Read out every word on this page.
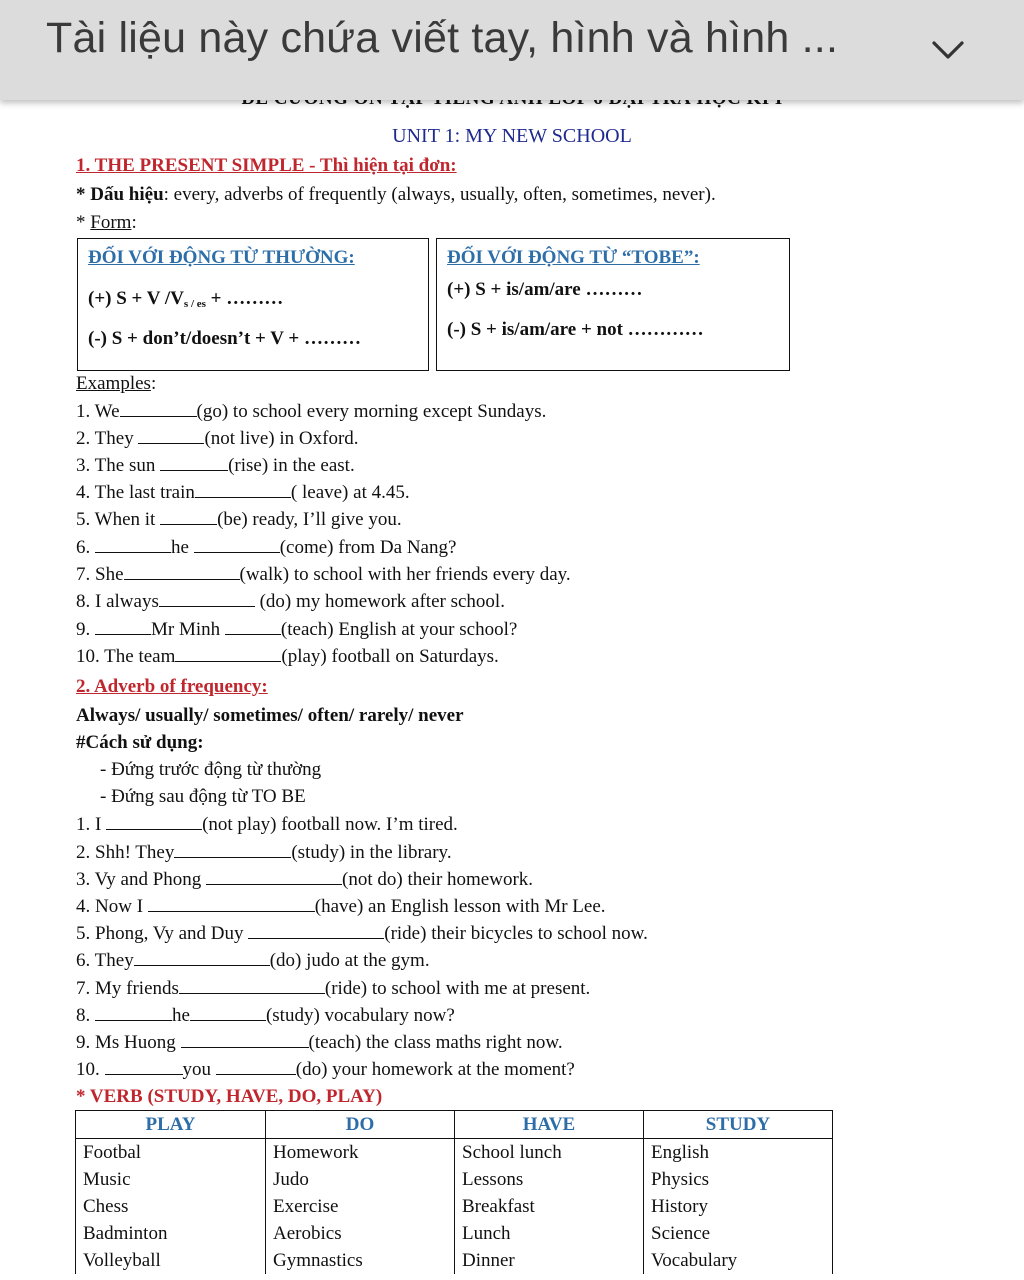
UNIT 1: MY NEW SCHOOL
1. THE PRESENT SIMPLE - Thì hiện tại đơn:
* Dấu hiệu: every, adverbs of frequently (always, usually, often, sometimes, never).
* Form:
ĐỐI VỚI ĐỘNG TỪ THƯỜNG:
(+) S + V $/V_{s / es}$ + ………
(-) S + don’t/doesn’t + V + ………
ĐỐI VỚI ĐỘNG TỪ “TOBE”:
(+) S + is/am/are ………
(-) S + is/am/are + not …………
Examples:
1. We	(go) to school every morning except Sundays.
2. They	(not live) in Oxford.
3. The sun	(rise) in the east.
4. The last train	( leave) at 4.45.
5. When it	(be) ready, I’ll give you.
6.	he	(come) from Da Nang?
7. She	(walk) to school with her friends every day.
8. I always	(do) my homework after school.
9.	Mr Minh	(teach) English at your school?
10. The team	(play) football on Saturdays.
2. Adverb of frequency:
Always/ usually/ sometimes/ often/ rarely/ never
#Cách sử dụng:
- Đứng trước động từ thường
- Đứng sau động từ TO BE
1. I	(not play) football now. I’m tired.
2. Shh! They	(study) in the library.
3. Vy and Phong	(not do) their homework.
4. Now I	(have) an English lesson with Mr Lee.
5. Phong, Vy and Duy	(ride) their bicycles to school now.
6. They	(do) judo at the gym.
7. My friends	(ride) to school with me at present.
8.	he	(study) vocabulary now?
9. Ms Huong	(teach) the class maths right now.
10.	you	(do) your homework at the moment?
* VERB (STUDY, HAVE, DO, PLAY)
PLAY	DO	HAVE	STUDY
Footbal	Homework	School lunch	English
Music	Judo	Lessons	Physics
Chess	Exercise	Breakfast	History
Badminton	Aerobics	Lunch	Science
Volleyball	Gymnastics	Dinner	Vocabulary
Tài liệu này chứa viết tay, hình và hình ...
